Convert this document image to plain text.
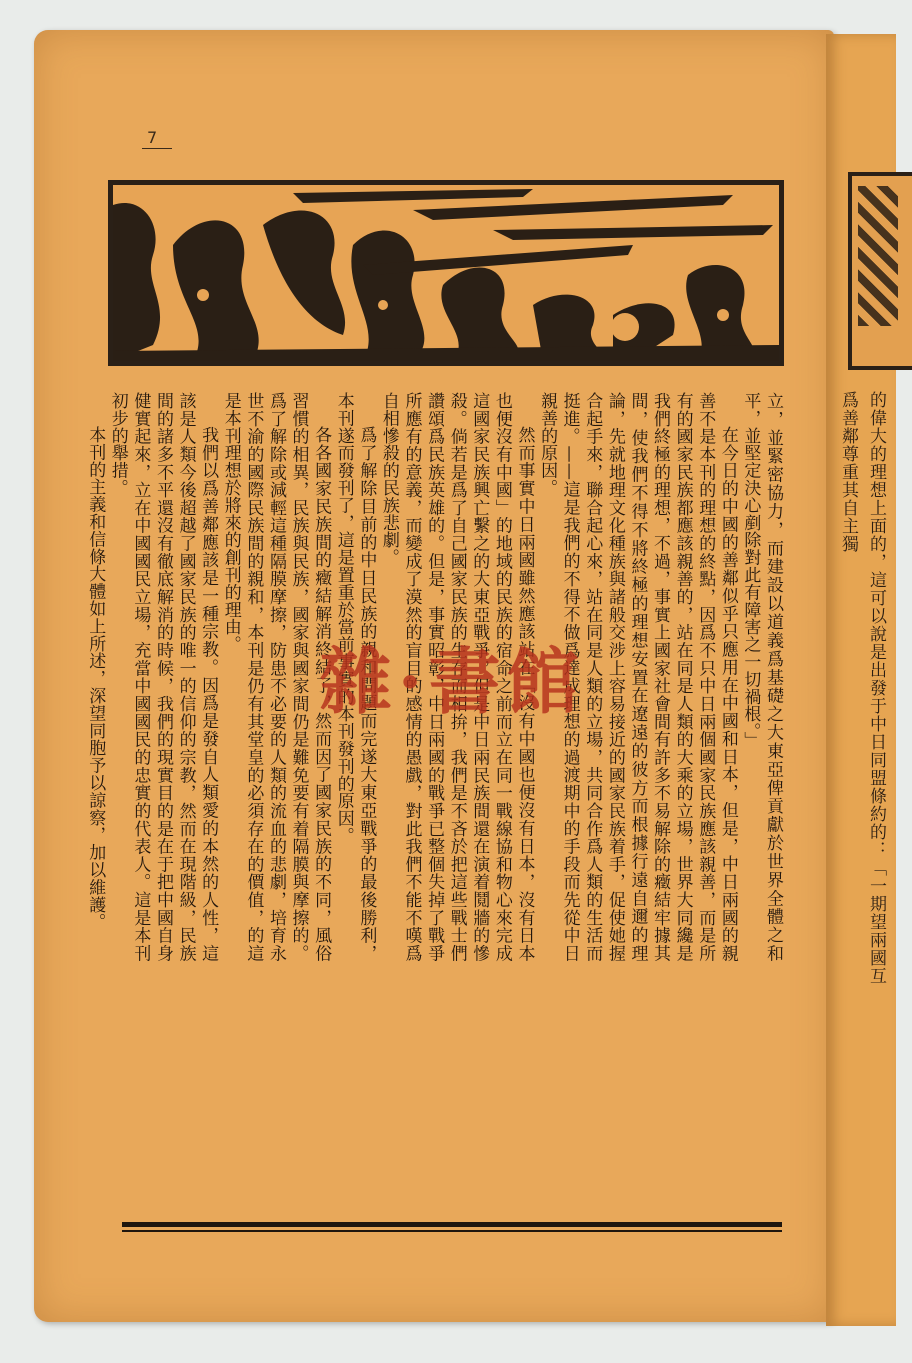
的偉大的理想上面的，這可以說是出發于中日同盟條約的：「一期望兩國互爲善鄰尊重其自主獨
7

立，並緊密協力，而建設以道義爲基礎之大東亞俾貢獻於世界全體之和平，並堅定決心剷除對此有障害之一切禍根。」

在今日的中國的善鄰似乎只應用在中國和日本，但是，中日兩國的親善不是本刊的理想的終點，因爲不只中日兩個國家民族應該親善，而是所有的國家民族都應該親善的，站在同是人類的大乘的立場，世界大同纔是我們終極的理想，不過，事實上國家社會間有許多不易解除的癥結牢據其間，使我們不得不將終極的理想安置在遼遠的彼方而根據行遠自邇的理論，先就地理文化種族與諸般交涉上容易接近的國家民族着手，促使她握合起手來，聯合起心來，站在同是人類的立場，共同合作爲人類的生活而挺進。——這是我們的不得不做爲達成理想的過渡期中的手段而先從中日親善的原因。

然而事實中日兩國雖然應該站在「沒有中國也便沒有日本，沒有日本也便沒有中國」的地域的民族的宿命之前而立在同一戰線協和物心來完成這國家民族興亡繫之的大東亞戰爭，但是中日兩民族間還在演着鬩牆的慘殺。倘若是爲了自己國家民族的生存而相拚，我們是不吝於把這些戰士們讚頌爲民族英雄的。但是，事實昭彰，中日兩國的戰爭已整個失掉了戰爭所應有的意義，而變成了漠然的盲目的感情的愚戲，對此我們不能不嘆爲自相慘殺的民族悲劇。

爲了解除目前的中日民族的親和問題而完遂大東亞戰爭的最後勝利，本刊遂而發刊了，這是置重於當前事實的本刊發刊的原因。

各各國家民族間的癥結解消終結了，然而因了國家民族的不同，風俗習慣的相異，民族與民族，國家與國家間仍是難免要有着隔膜與摩擦的。爲了解除或減輕這種隔膜摩擦，防患不必要的人類的流血的悲劇，培育永世不渝的國際民族間的親和，本刊是仍有其堂皇的必須存在的價值，的這是本刊理想於將來的創刊的理由。

我們以爲善鄰應該是一種宗教。因爲是發自人類愛的本然的人性，這該是人類今後超越了國家民族的唯一的信仰的宗教，然而在現階級，民族間的諸多不平還沒有徹底解消的時候，我們的現實目的是在于把中國自身健實起來，立在中國國民立場，充當中國國民的忠實的代表人。這是本刊初步的舉措。

本刊的主義和信條大體如上所述，深望同胞予以諒察，加以維護。	雜·書館
